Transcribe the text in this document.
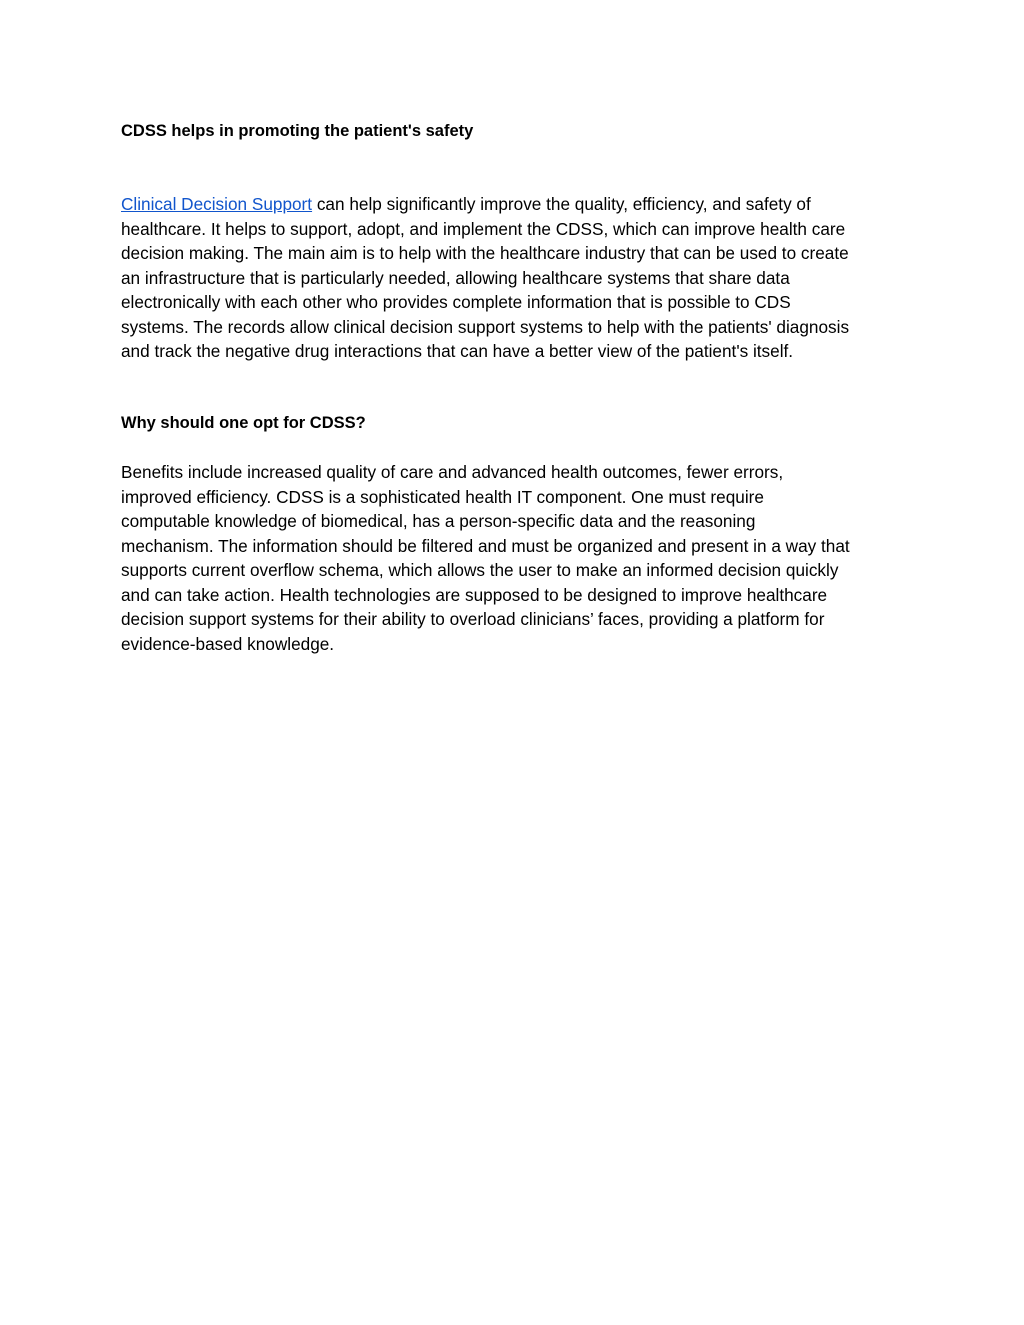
CDSS helps in promoting the patient's safety
Clinical Decision Support can help significantly improve the quality, efficiency, and safety of
healthcare. It helps to support, adopt, and implement the CDSS, which can improve health care
decision making. The main aim is to help with the healthcare industry that can be used to create
an infrastructure that is particularly needed, allowing healthcare systems that share data
electronically with each other who provides complete information that is possible to CDS
systems. The records allow clinical decision support systems to help with the patients' diagnosis
and track the negative drug interactions that can have a better view of the patient's itself.
Why should one opt for CDSS?
Benefits include increased quality of care and advanced health outcomes, fewer errors,
improved efficiency. CDSS is a sophisticated health IT component. One must require
computable knowledge of biomedical, has a person-specific data and the reasoning
mechanism. The information should be filtered and must be organized and present in a way that
supports current overflow schema, which allows the user to make an informed decision quickly
and can take action. Health technologies are supposed to be designed to improve healthcare
decision support systems for their ability to overload clinicians’ faces, providing a platform for
evidence-based knowledge.
